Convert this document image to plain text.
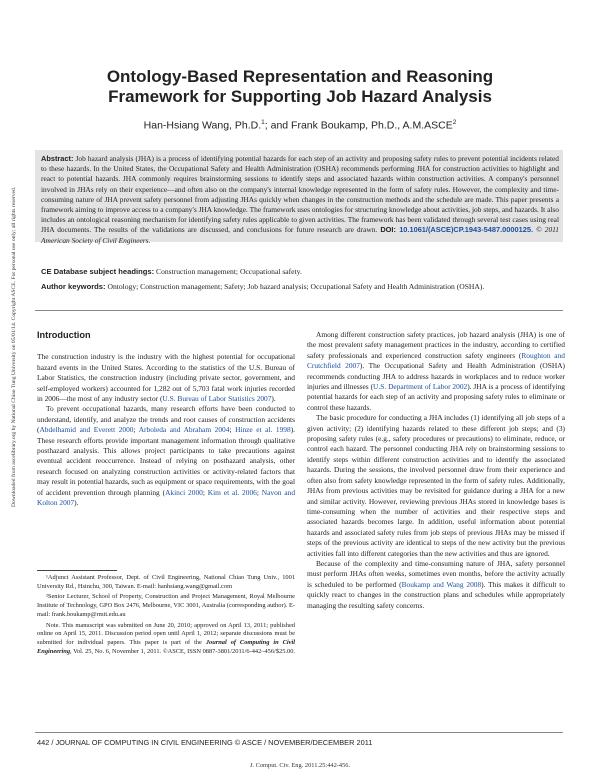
Downloaded from ascelibrary.org by National Chiao Tung University on 05/01/14. Copyright ASCE. For personal use only; all rights reserved.
Ontology-Based Representation and Reasoning
Framework for Supporting Job Hazard Analysis
Han-Hsiang Wang, Ph.D.$^1$; and Frank Boukamp, Ph.D., A.M.ASCE$^2$
Abstract: Job hazard analysis (JHA) is a process of identifying potential hazards for each step of an activity and proposing safety rules to prevent potential incidents related to these hazards. In the United States, the Occupational Safety and Health Administration (OSHA) recommends performing JHA for construction activities to highlight and react to potential hazards. JHA commonly requires brainstorming sessions to identify steps and associated hazards within construction activities. A company's personnel involved in JHAs rely on their experience—and often also on the company's internal knowledge represented in the form of safety rules. However, the complexity and time-consuming nature of JHA prevent safety personnel from adjusting JHAs quickly when changes in the construction methods and the schedule are made. This paper presents a framework aiming to improve access to a company's JHA knowledge. The framework uses ontologies for structuring knowledge about activities, job steps, and hazards. It also includes an ontological reasoning mechanism for identifying safety rules applicable to given activities. The framework has been validated through several test cases using real JHA documents. The results of the validations are discussed, and conclusions for future research are drawn. DOI: 10.1061/(ASCE)CP.1943-5487.0000125. © 2011 American Society of Civil Engineers.
CE Database subject headings: Construction management; Occupational safety.
Author keywords: Ontology; Construction management; Safety; Job hazard analysis; Occupational Safety and Health Administration (OSHA).
Introduction

The construction industry is the industry with the highest potential for occupational hazard events in the United States. According to the statistics of the U.S. Bureau of Labor Statistics, the construction industry (including private sector, government, and self-employed workers) accounted for 1,282 out of 5,703 fatal work injuries recorded in 2006—the most of any industry sector (U.S. Bureau of Labor Statistics 2007).

To prevent occupational hazards, many research efforts have been conducted to understand, identify, and analyze the trends and root causes of construction accidents (Abdelhamid and Everett 2000; Arboleda and Abraham 2004; Hinze et al. 1998). These research efforts provide important management information through qualitative posthazard analysis. This allows project participants to take precautions against eventual accident reoccurrence. Instead of relying on posthazard analysis, other research focused on analyzing construction activities or activity-related factors that may result in potential hazards, such as equipment or space requirements, with the goal of accident prevention through planning (Akinci 2000; Kim et al. 2006; Navon and Kolton 2007).

¹Adjunct Assistant Professor, Dept. of Civil Engineering, National Chiao Tung Univ., 1001 University Rd., Hsinchu, 300, Taiwan. E-mail: hanhsiang.wang@gmail.com

²Senior Lecturer, School of Property, Construction and Project Management, Royal Melbourne Institute of Technology, GPO Box 2476, Melbourne, VIC 3001, Australia (corresponding author). E-mail: frank.boukamp@rmit.edu.au

Note. This manuscript was submitted on June 20, 2010; approved on April 13, 2011; published online on April 15, 2011. Discussion period open until April 1, 2012; separate discussions must be submitted for individual papers. This paper is part of the Journal of Computing in Civil Engineering, Vol. 25, No. 6, November 1, 2011. ©ASCE, ISSN 0887-3801/2011/6-442–456/$25.00.

Among different construction safety practices, job hazard analysis (JHA) is one of the most prevalent safety management practices in the industry, according to certified safety professionals and experienced construction safety engineers (Roughton and Crutchfield 2007). The Occupational Safety and Health Administration (OSHA) recommends conducting JHA to address hazards in workplaces and to reduce worker injuries and illnesses (U.S. Department of Labor 2002). JHA is a process of identifying potential hazards for each step of an activity and proposing safety rules to eliminate or control these hazards.

The basic procedure for conducting a JHA includes (1) identifying all job steps of a given activity; (2) identifying hazards related to these different job steps; and (3) proposing safety rules (e.g., safety procedures or precautions) to eliminate, reduce, or control each hazard. The personnel conducting JHA rely on brainstorming sessions to identify steps within different construction activities and to identify the associated hazards. During the sessions, the involved personnel draw from their experience and often also from safety knowledge represented in the form of safety rules. Additionally, JHAs from previous activities may be revisited for guidance during a JHA for a new and similar activity. However, reviewing previous JHAs stored in knowledge bases is time-consuming when the number of activities and their respective steps and associated hazards becomes large. In addition, useful information about potential hazards and associated safety rules from job steps of previous JHAs may be missed if steps of the previous activity are identical to steps of the new activity but the previous activities fall into different categories than the new activities and thus are ignored.

Because of the complexity and time-consuming nature of JHA, safety personnel must perform JHAs often weeks, sometimes even months, before the activity actually is scheduled to be performed (Boukamp and Wang 2008). This makes it difficult to quickly react to changes in the construction plans and schedules while appropriately managing the resulting safety concerns.

442 / JOURNAL OF COMPUTING IN CIVIL ENGINEERING © ASCE / NOVEMBER/DECEMBER 2011
J. Comput. Civ. Eng. 2011.25:442-456.
